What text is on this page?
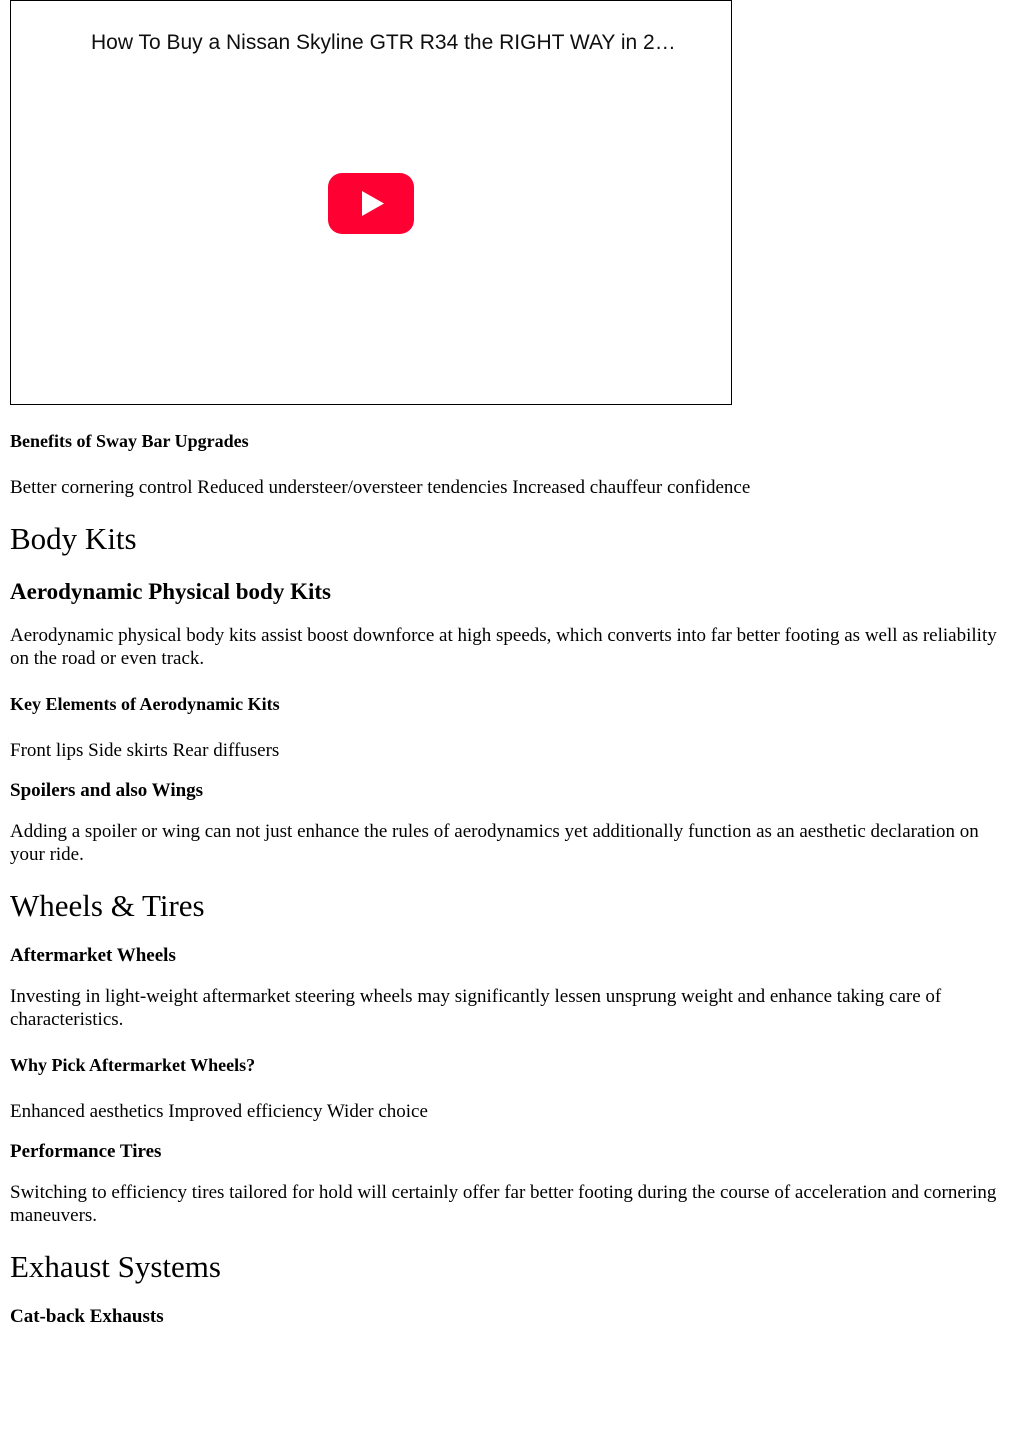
How To Buy a Nissan Skyline GTR R34 the RIGHT WAY in 2…
Benefits of Sway Bar Upgrades

Better cornering control Reduced understeer/oversteer tendencies Increased chauffeur confidence

Body Kits
Aerodynamic Physical body Kits

Aerodynamic physical body kits assist boost downforce at high speeds, which converts into far better footing as well as reliability on the road or even track.

Key Elements of Aerodynamic Kits

Front lips Side skirts Rear diffusers

Spoilers and also Wings

Adding a spoiler or wing can not just enhance the rules of aerodynamics yet additionally function as an aesthetic declaration on your ride.

Wheels & Tires
Aftermarket Wheels

Investing in light-weight aftermarket steering wheels may significantly lessen unsprung weight and enhance taking care of characteristics.

Why Pick Aftermarket Wheels?

Enhanced aesthetics Improved efficiency Wider choice

Performance Tires

Switching to efficiency tires tailored for hold will certainly offer far better footing during the course of acceleration and cornering maneuvers.

Exhaust Systems
Cat-back Exhausts
